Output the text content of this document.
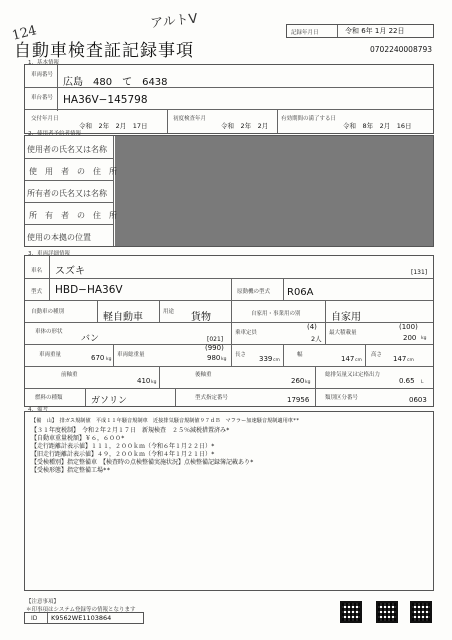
124
アルトV
自動車検査証記録事項
記録年月日	令和 6年 1月 22日
0702240008793
1．基本情報
車両番号
広島　480　て　6438
車台番号 HA36V−145798
交付年月日
令和　2年　2月　17日
初度検査年月
令和　2年　2月
有効期間の満了する日
令和　8年　2月　16日
2．使用者予約者情報
使用者の氏名又は名称
使　用　者　の　住　所
所有者の氏名又は名称
所　有　者　の　住　所
使用の本拠の位置
3．車両詳細情報
車名 スズキ	[131]
型式 HBD−HA36V	原動機の型式 R06A
自動車の種別	軽自動車	用途 貨物	自家用・事業用の別	自家用
車体の形状
バン	[021]
乗車定員
(4)
2人
最大積載量
(100)
200 kg
車両重量	670 kg
車両総重量
(990)
980 kg
長さ 339 cm
幅	147 cm
高さ 147 cm
前軸重
410 kg
後軸重
260 kg
総排気量又は定格出力
0.65 L
燃料の種類	ガソリン	型式指定番号	17956	類別区分番号	0603
4．備考
【備　山】　排ガス規制値　平成１１年騒音規制車　近接排気騒音規制値９７ｄＢ　マフラー加速騒音規制適用車**
【３１年度税制】　令和２年２月１７日　新規検査　２５％減税措置済み*
【自動車重量税額】￥６，６００*
【走行距離計表示値】１１１，２００ｋｍ（令和６年１月２２日）*
【旧走行距離計表示値】４９，２００ｋｍ（令和４年１月２１日）*
【受検種別】指定整備車　【検査時の点検整備実施状況】点検整備記録簿記載あり*
【受検形態】指定整備工場**
【注意事項】
＊印事項はシステム登録等の情報となります
ID K9562WE1103864
